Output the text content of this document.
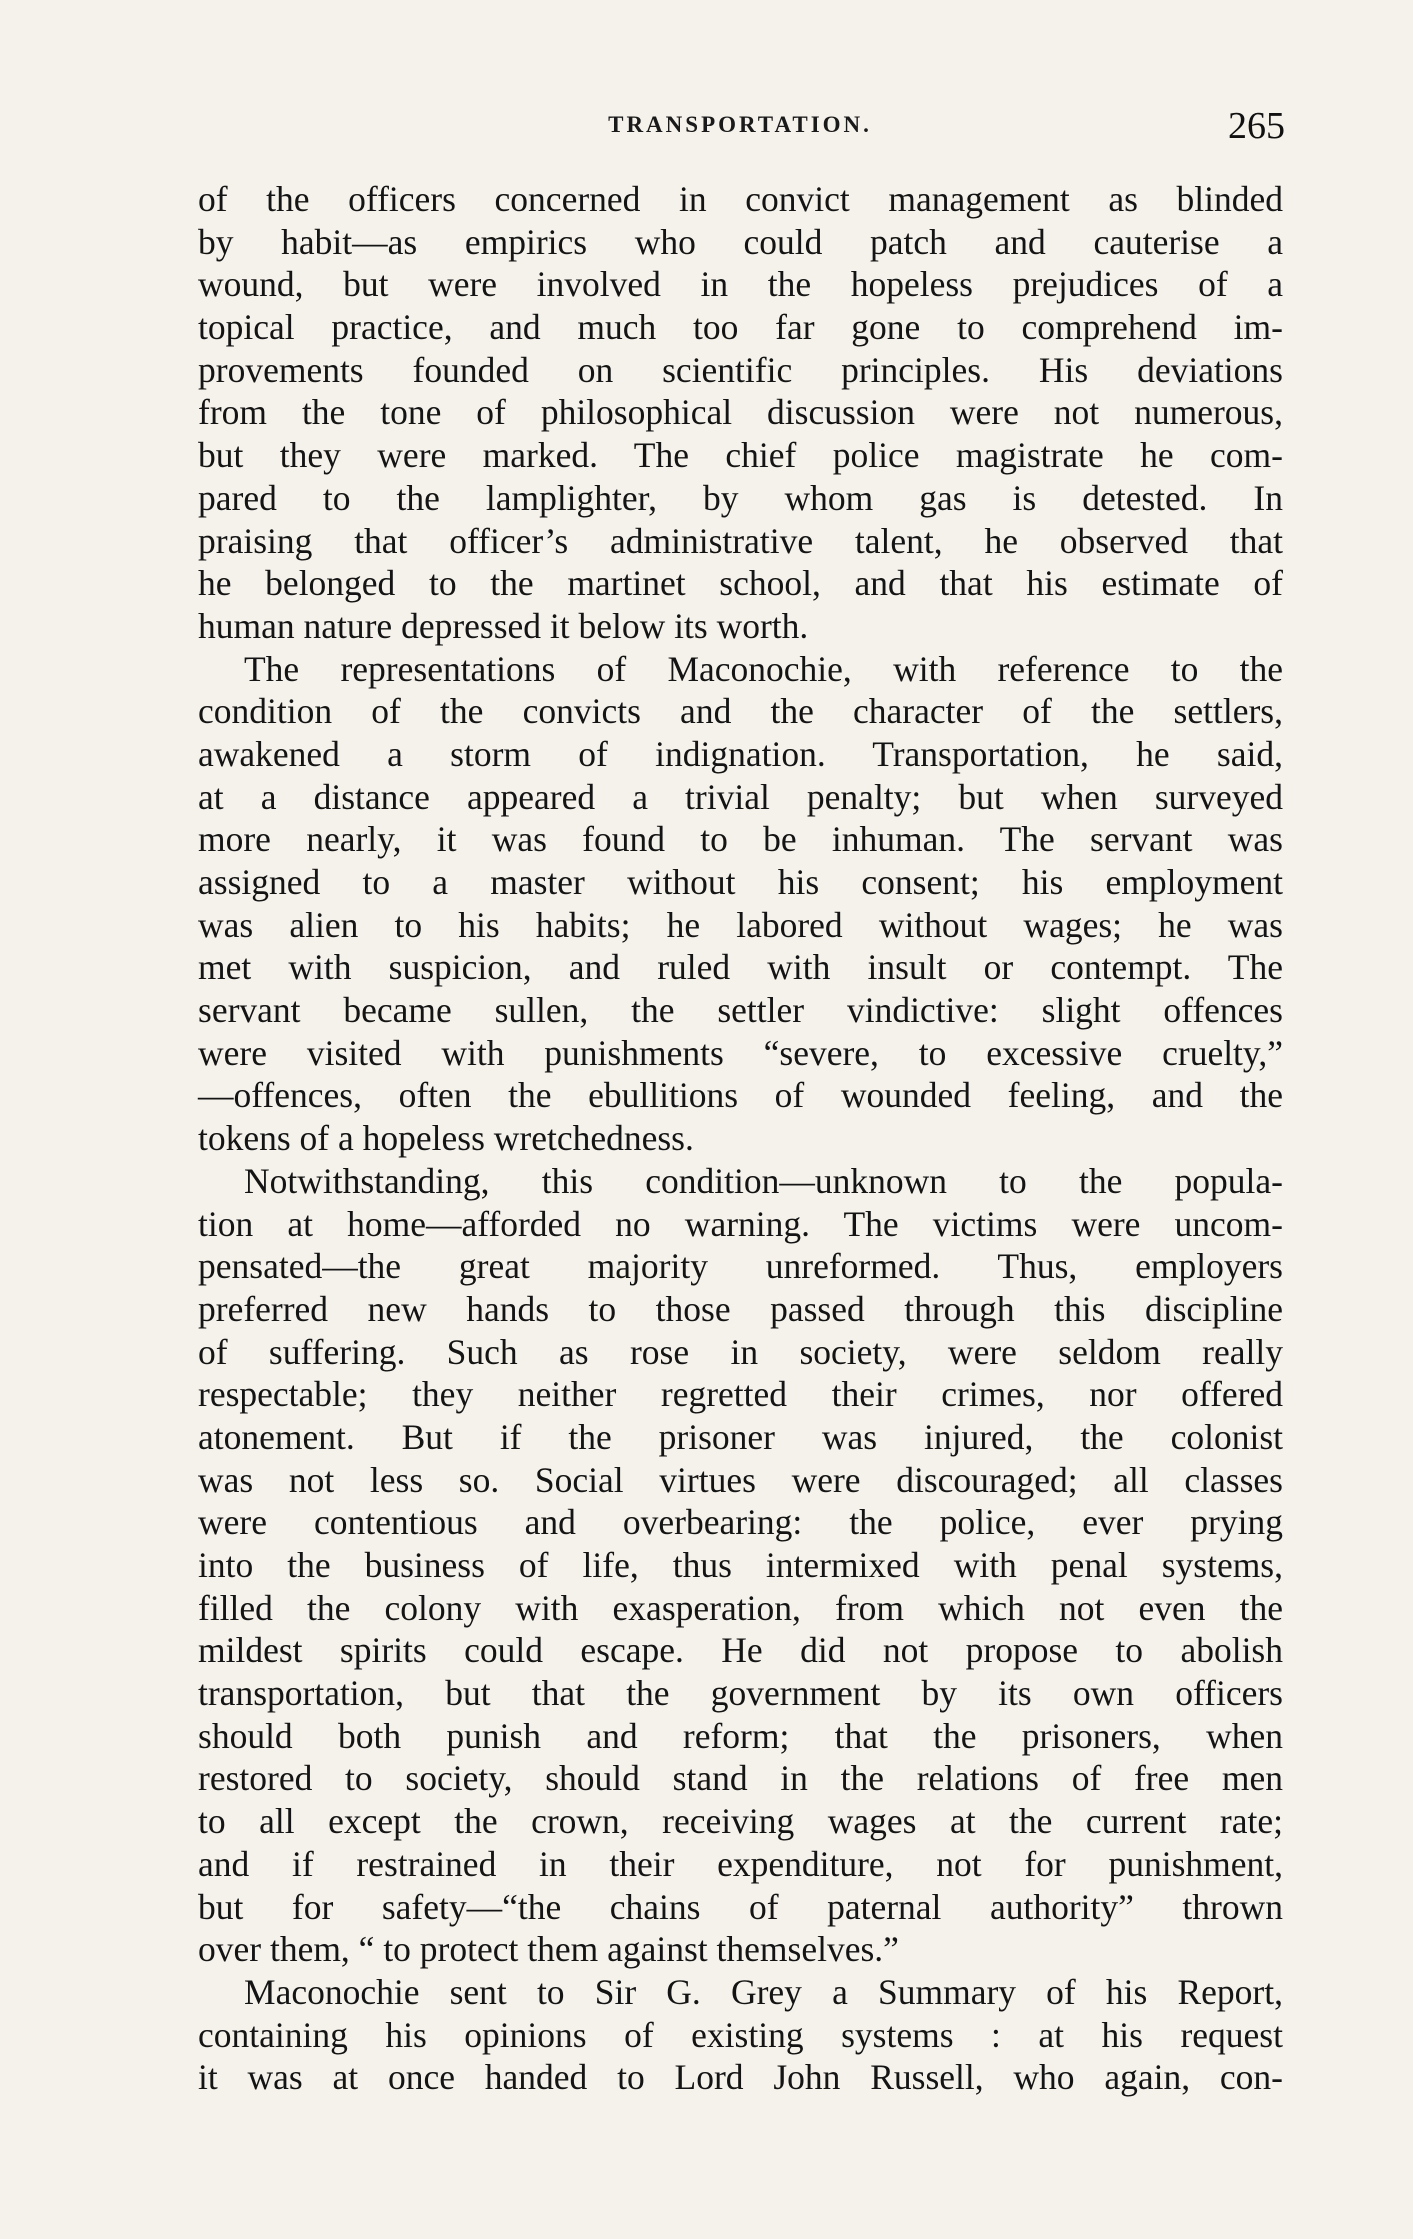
TRANSPORTATION.	265
of the officers concerned in convict management as blinded
by habit—as empirics who could patch and cauterise a
wound, but were involved in the hopeless prejudices of a
topical practice, and much too far gone to comprehend im-
provements founded on scientific principles. His deviations
from the tone of philosophical discussion were not numerous,
but they were marked. The chief police magistrate he com-
pared to the lamplighter, by whom gas is detested. In
praising that officer’s administrative talent, he observed that
he belonged to the martinet school, and that his estimate of
human nature depressed it below its worth.
The representations of Maconochie, with reference to the
condition of the convicts and the character of the settlers,
awakened a storm of indignation. Transportation, he said,
at a distance appeared a trivial penalty; but when surveyed
more nearly, it was found to be inhuman. The servant was
assigned to a master without his consent; his employment
was alien to his habits; he labored without wages; he was
met with suspicion, and ruled with insult or contempt. The
servant became sullen, the settler vindictive: slight offences
were visited with punishments “severe, to excessive cruelty,”
—offences, often the ebullitions of wounded feeling, and the
tokens of a hopeless wretchedness.
Notwithstanding, this condition—unknown to the popula-
tion at home—afforded no warning. The victims were uncom-
pensated—the great majority unreformed. Thus, employers
preferred new hands to those passed through this discipline
of suffering. Such as rose in society, were seldom really
respectable; they neither regretted their crimes, nor offered
atonement. But if the prisoner was injured, the colonist
was not less so. Social virtues were discouraged; all classes
were contentious and overbearing: the police, ever prying
into the business of life, thus intermixed with penal systems,
filled the colony with exasperation, from which not even the
mildest spirits could escape. He did not propose to abolish
transportation, but that the government by its own officers
should both punish and reform; that the prisoners, when
restored to society, should stand in the relations of free men
to all except the crown, receiving wages at the current rate;
and if restrained in their expenditure, not for punishment,
but for safety—“the chains of paternal authority” thrown
over them, “ to protect them against themselves.”
Maconochie sent to Sir G. Grey a Summary of his Report,
containing his opinions of existing systems : at his request
it was at once handed to Lord John Russell, who again, con-
